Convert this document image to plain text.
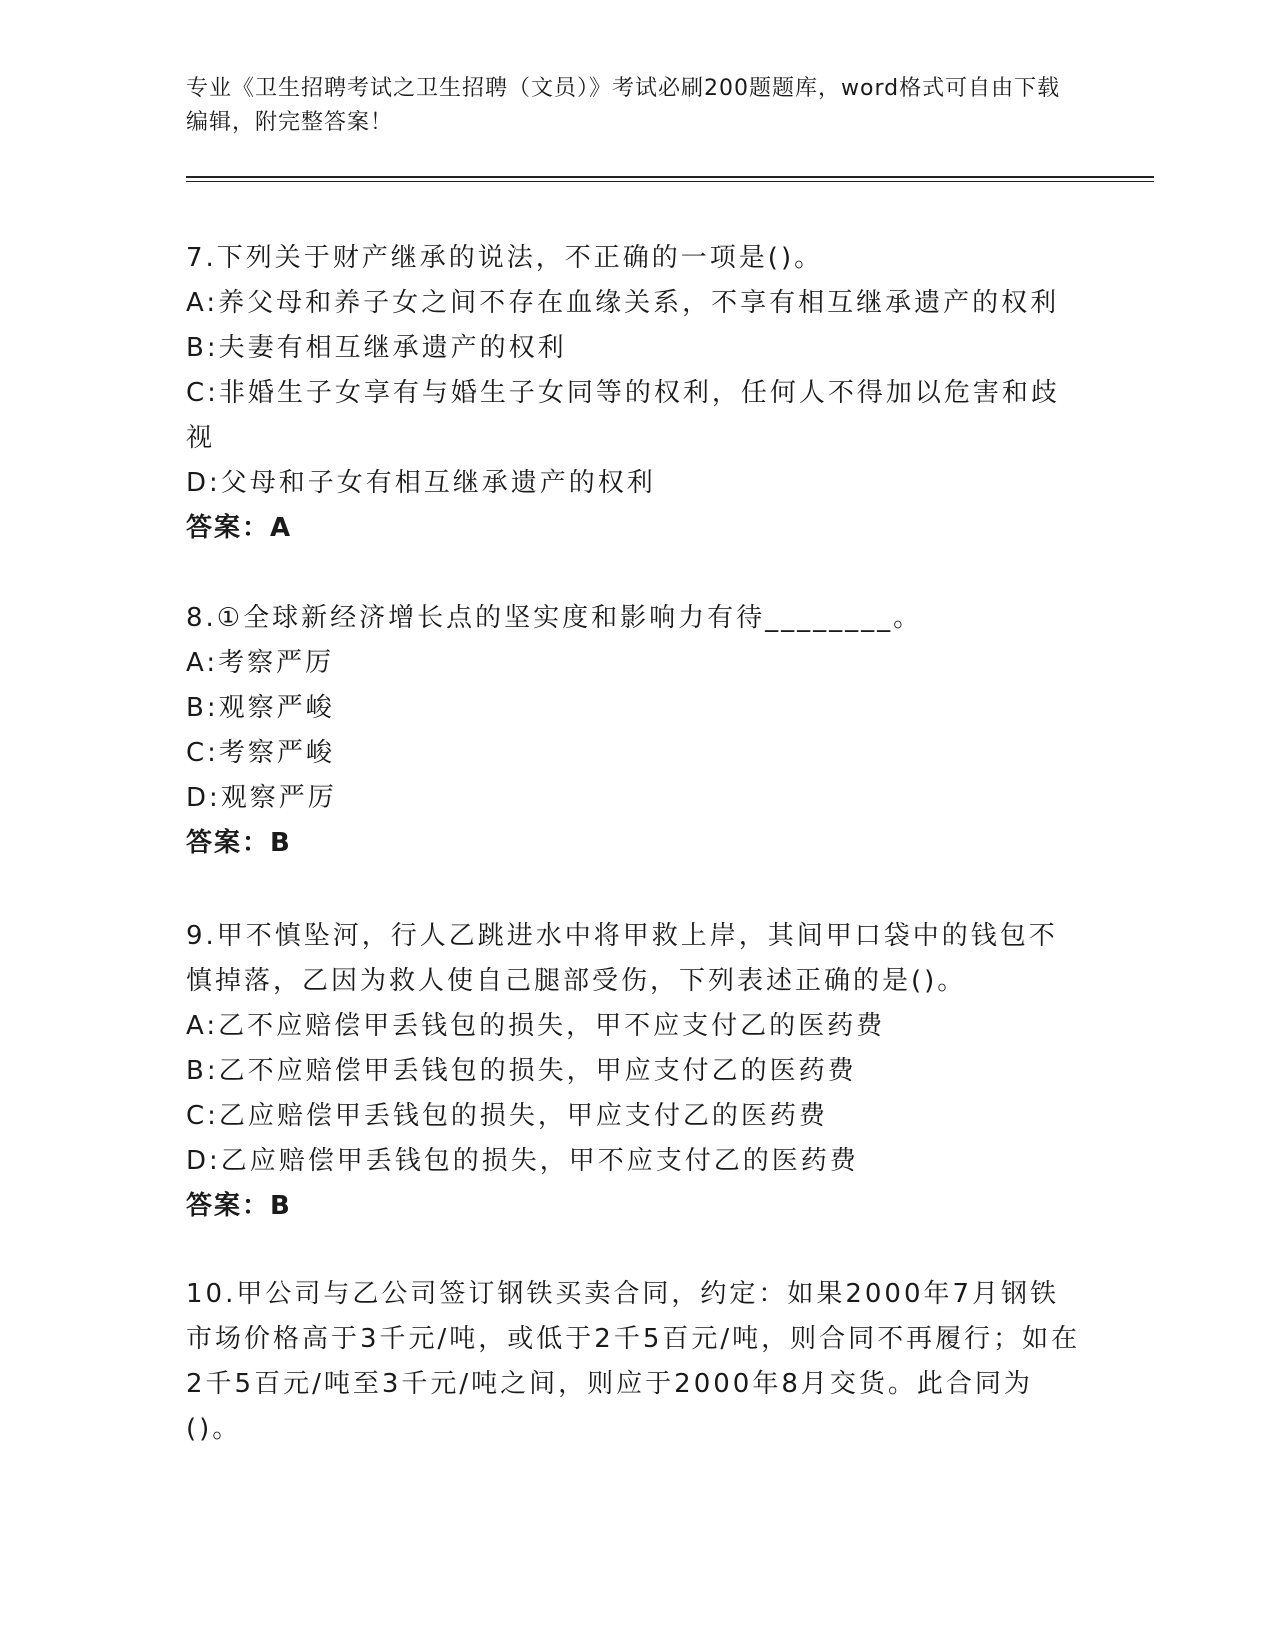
专业《卫生招聘考试之卫生招聘（文员）》考试必刷200题题库，word格式可自由下载编辑，附完整答案！
7.下列关于财产继承的说法，不正确的一项是()。
A:养父母和养子女之间不存在血缘关系，不享有相互继承遗产的权利
B:夫妻有相互继承遗产的权利
C:非婚生子女享有与婚生子女同等的权利，任何人不得加以危害和歧视
D:父母和子女有相互继承遗产的权利
答案：A
8.①全球新经济增长点的坚实度和影响力有待________。
A:考察严厉
B:观察严峻
C:考察严峻
D:观察严厉
答案：B
9.甲不慎坠河，行人乙跳进水中将甲救上岸，其间甲口袋中的钱包不慎掉落，乙因为救人使自己腿部受伤，下列表述正确的是()。
A:乙不应赔偿甲丢钱包的损失，甲不应支付乙的医药费
B:乙不应赔偿甲丢钱包的损失，甲应支付乙的医药费
C:乙应赔偿甲丢钱包的损失，甲应支付乙的医药费
D:乙应赔偿甲丢钱包的损失，甲不应支付乙的医药费
答案：B
10.甲公司与乙公司签订钢铁买卖合同，约定：如果2000年7月钢铁市场价格高于3千元/吨，或低于2千5百元/吨，则合同不再履行；如在2千5百元/吨至3千元/吨之间，则应于2000年8月交货。此合同为()。
